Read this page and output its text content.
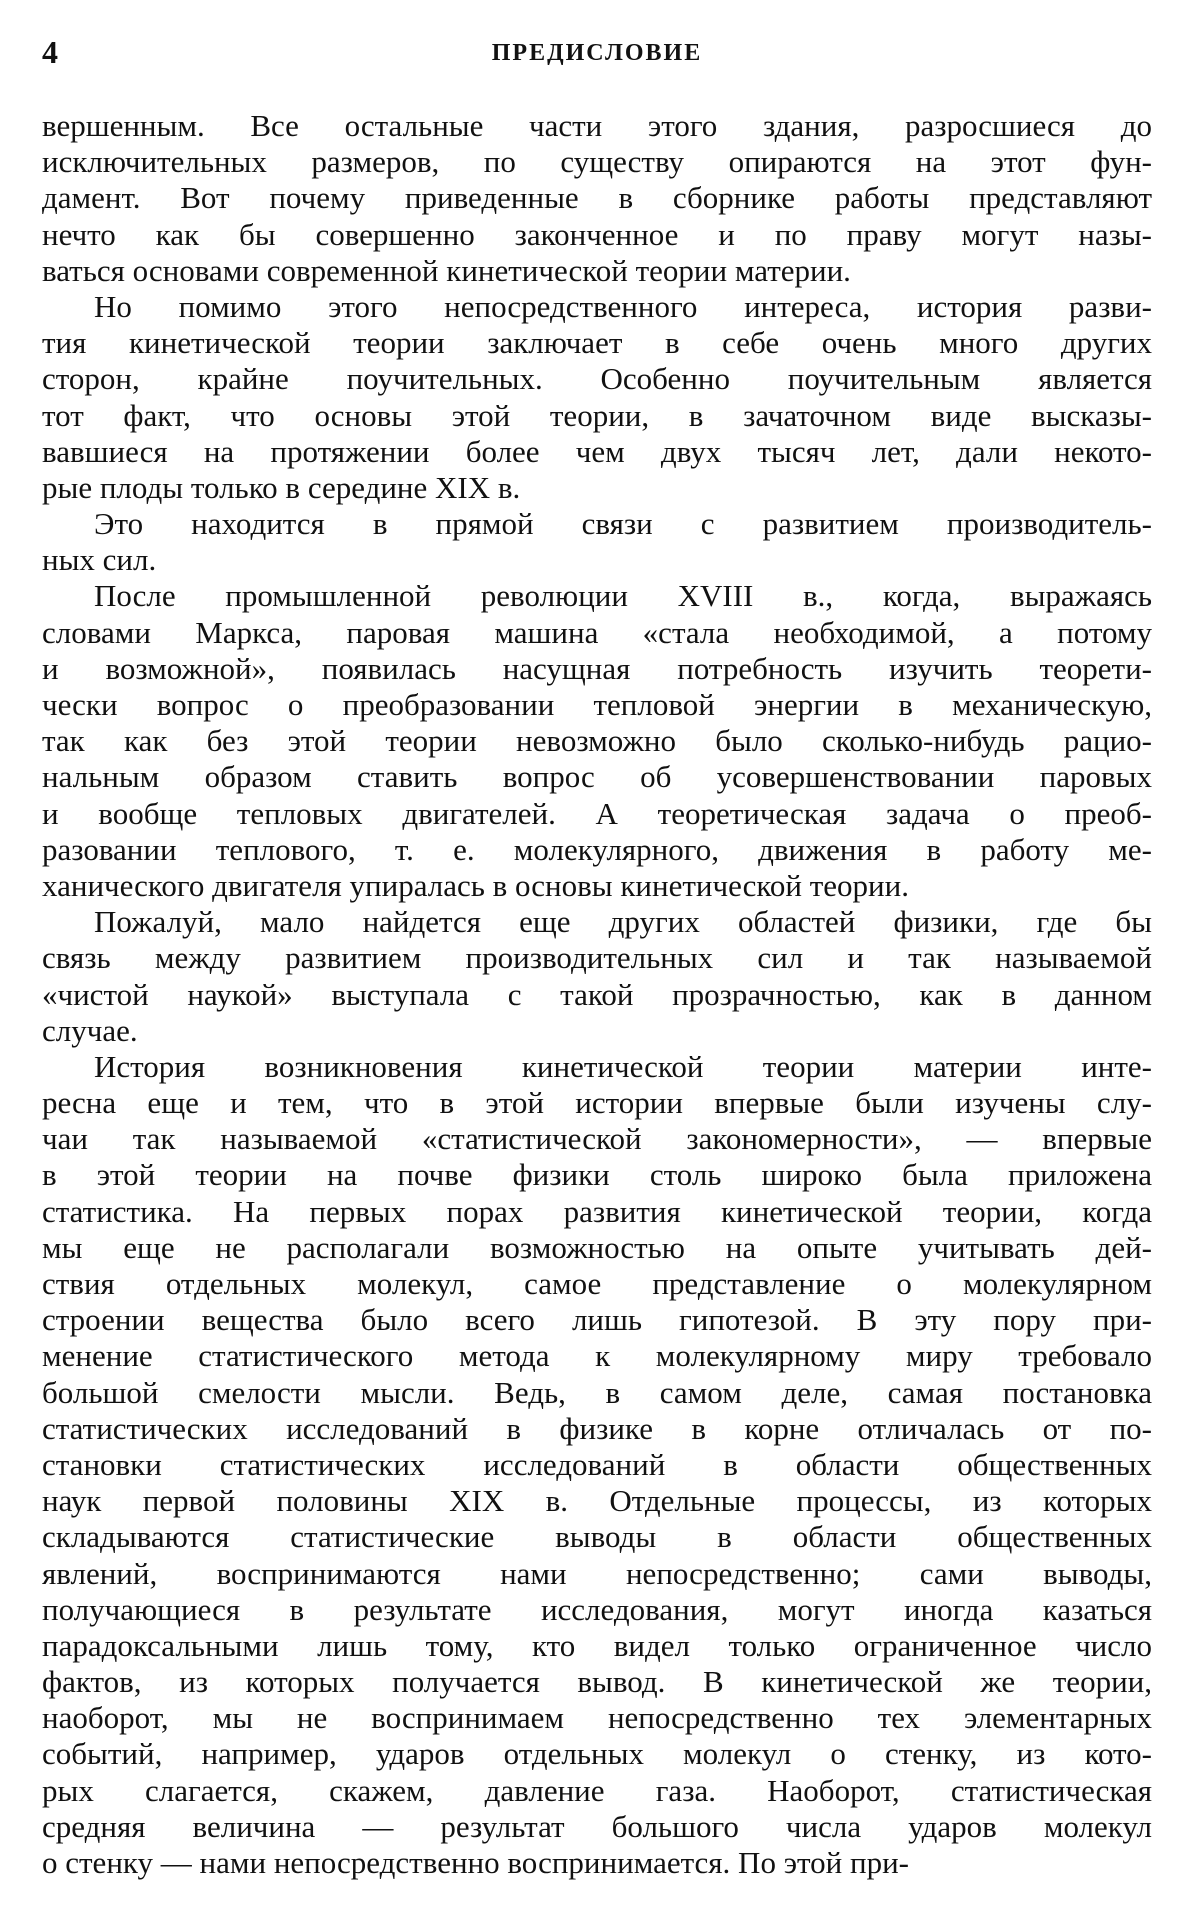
4	ПРЕДИСЛОВИЕ
вершенным. Все остальные части этого здания, разросшиеся до
исключительных размеров, по существу опираются на этот фун-
дамент. Вот почему приведенные в сборнике работы представляют
нечто как бы совершенно законченное и по праву могут назы-
ваться основами современной кинетической теории материи.
Но помимо этого непосредственного интереса, история разви-
тия кинетической теории заключает в себе очень много других
сторон, крайне поучительных. Особенно поучительным является
тот факт, что основы этой теории, в зачаточном виде высказы-
вавшиеся на протяжении более чем двух тысяч лет, дали некото-
рые плоды только в середине XIX в.
Это находится в прямой связи с развитием производитель-
ных сил.
После промышленной революции XVIII в., когда, выражаясь
словами Маркса, паровая машина «стала необходимой, а потому
и возможной», появилась насущная потребность изучить теорети-
чески вопрос о преобразовании тепловой энергии в механическую,
так как без этой теории невозможно было сколько-нибудь рацио-
нальным образом ставить вопрос об усовершенствовании паровых
и вообще тепловых двигателей. А теоретическая задача о преоб-
разовании теплового, т. е. молекулярного, движения в работу ме-
ханического двигателя упиралась в основы кинетической теории.
Пожалуй, мало найдется еще других областей физики, где бы
связь между развитием производительных сил и так называемой
«чистой наукой» выступала с такой прозрачностью, как в данном
случае.
История возникновения кинетической теории материи инте-
ресна еще и тем, что в этой истории впервые были изучены слу-
чаи так называемой «статистической закономерности», — впервые
в этой теории на почве физики столь широко была приложена
статистика. На первых порах развития кинетической теории, когда
мы еще не располагали возможностью на опыте учитывать дей-
ствия отдельных молекул, самое представление о молекулярном
строении вещества было всего лишь гипотезой. В эту пору при-
менение статистического метода к молекулярному миру требовало
большой смелости мысли. Ведь, в самом деле, самая постановка
статистических исследований в физике в корне отличалась от по-
становки статистических исследований в области общественных
наук первой половины XIX в. Отдельные процессы, из которых
складываются статистические выводы в области общественных
явлений, воспринимаются нами непосредственно; сами выводы,
получающиеся в результате исследования, могут иногда казаться
парадоксальными лишь тому, кто видел только ограниченное число
фактов, из которых получается вывод. В кинетической же теории,
наоборот, мы не воспринимаем непосредственно тех элементарных
событий, например, ударов отдельных молекул о стенку, из кото-
рых слагается, скажем, давление газа. Наоборот, статистическая
средняя величина — результат большого числа ударов молекул
о стенку — нами непосредственно воспринимается. По этой при-
